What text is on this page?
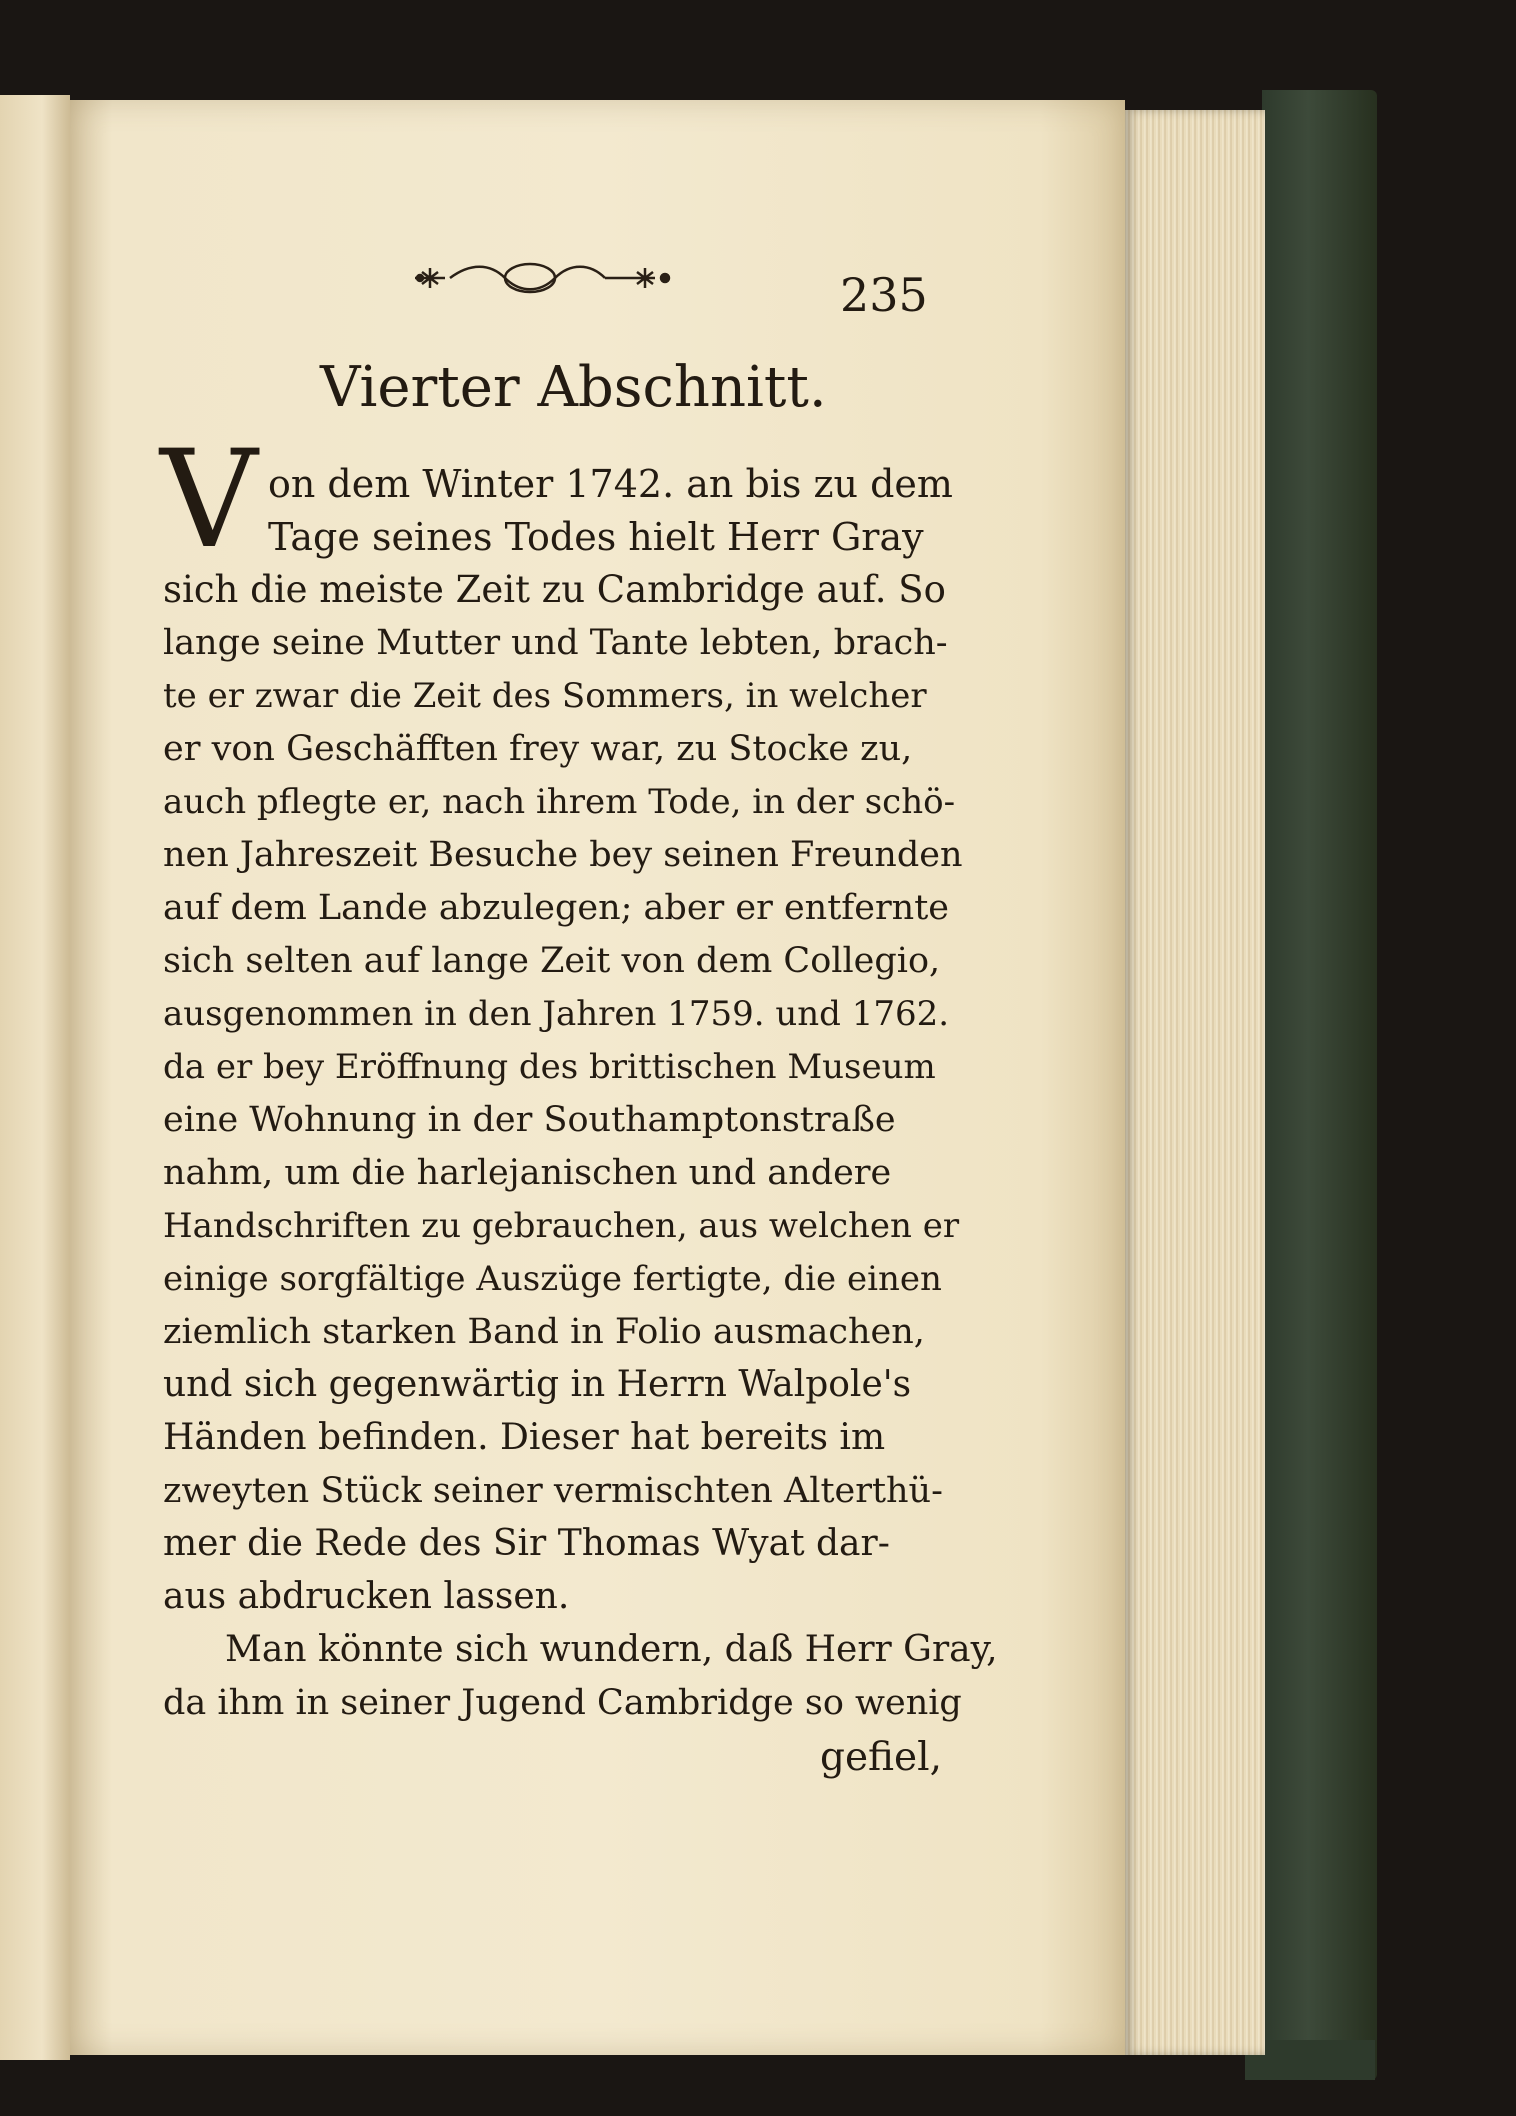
235
Vierter Abschnitt.
V on dem Winter 1742. an bis zu dem
Tage seines Todes hielt Herr Gray
sich die meiste Zeit zu Cambridge auf. So
lange seine Mutter und Tante lebten, brach-
te er zwar die Zeit des Sommers, in welcher
er von Geschäfften frey war, zu Stocke zu,
auch pflegte er, nach ihrem Tode, in der schö-
nen Jahreszeit Besuche bey seinen Freunden
auf dem Lande abzulegen; aber er entfernte
sich selten auf lange Zeit von dem Collegio,
ausgenommen in den Jahren 1759. und 1762.
da er bey Eröffnung des brittischen Museum
eine Wohnung in der Southamptonstraße
nahm, um die harlejanischen und andere
Handschriften zu gebrauchen, aus welchen er
einige sorgfältige Auszüge fertigte, die einen
ziemlich starken Band in Folio ausmachen,
und sich gegenwärtig in Herrn Walpole's
Händen befinden. Dieser hat bereits im
zweyten Stück seiner vermischten Alterthü-
mer die Rede des Sir Thomas Wyat dar-
aus abdrucken lassen.
Man könnte sich wundern, daß Herr Gray,
da ihm in seiner Jugend Cambridge so wenig
gefiel,
